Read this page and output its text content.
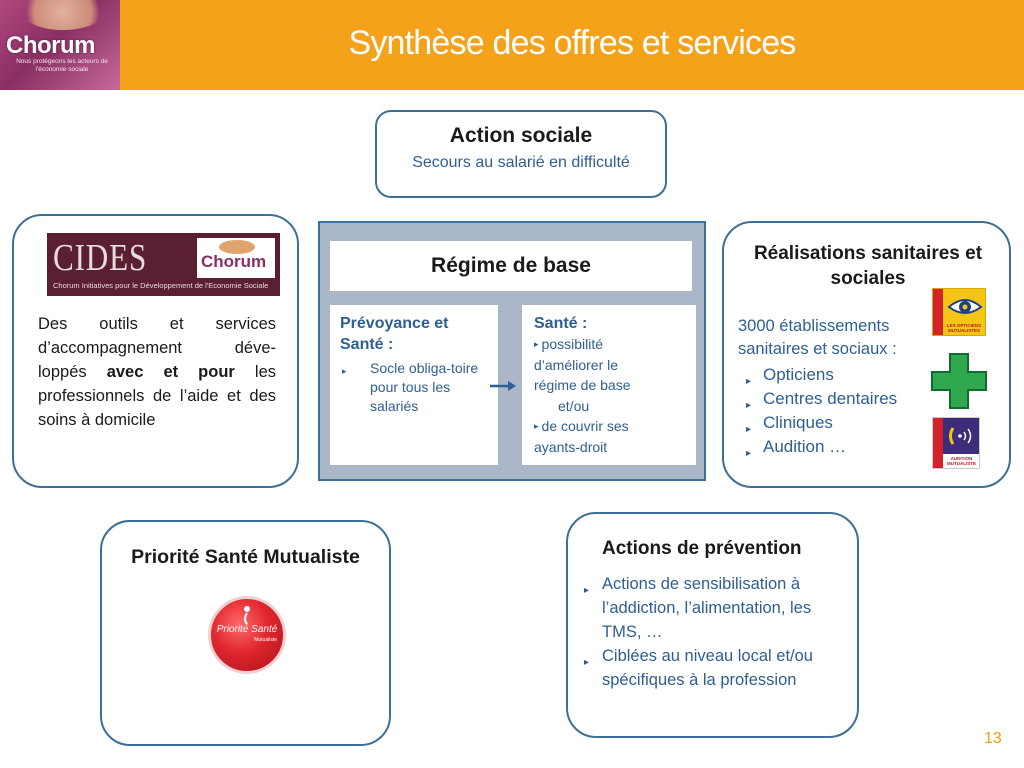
Chorum
Nous protégeons les acteurs de l'économie sociale
Synthèse des offres et services
Action sociale
Secours au salarié en difficulté
CIDES
Chorum Initiatives pour le Développement de l'Economie Sociale
Chorum
Des outils et services d’accompagnement déve-loppés avec et pour les professionnels de l’aide et des soins à domicile
Régime de base
Prévoyance et Santé :
▸ Socle obliga-toire pour tous les salariés
Santé :
▸ possibilité
d’améliorer le
régime de base
et/ou
▸ de couvrir ses
ayants-droit
Réalisations sanitaires et sociales
3000 établissements sanitaires et sociaux :
▸ Opticiens
▸ Centres dentaires
▸ Cliniques
▸ Audition …
LES OPTICIENS MUTUALISTES
AUDITION MUTUALISTE
Priorité Santé Mutualiste
Priorité Santé
Mutualiste
Actions de prévention
▸ Actions de sensibilisation à l’addiction, l’alimentation, les TMS, …
▸ Ciblées au niveau local et/ou spécifiques à la profession
13
